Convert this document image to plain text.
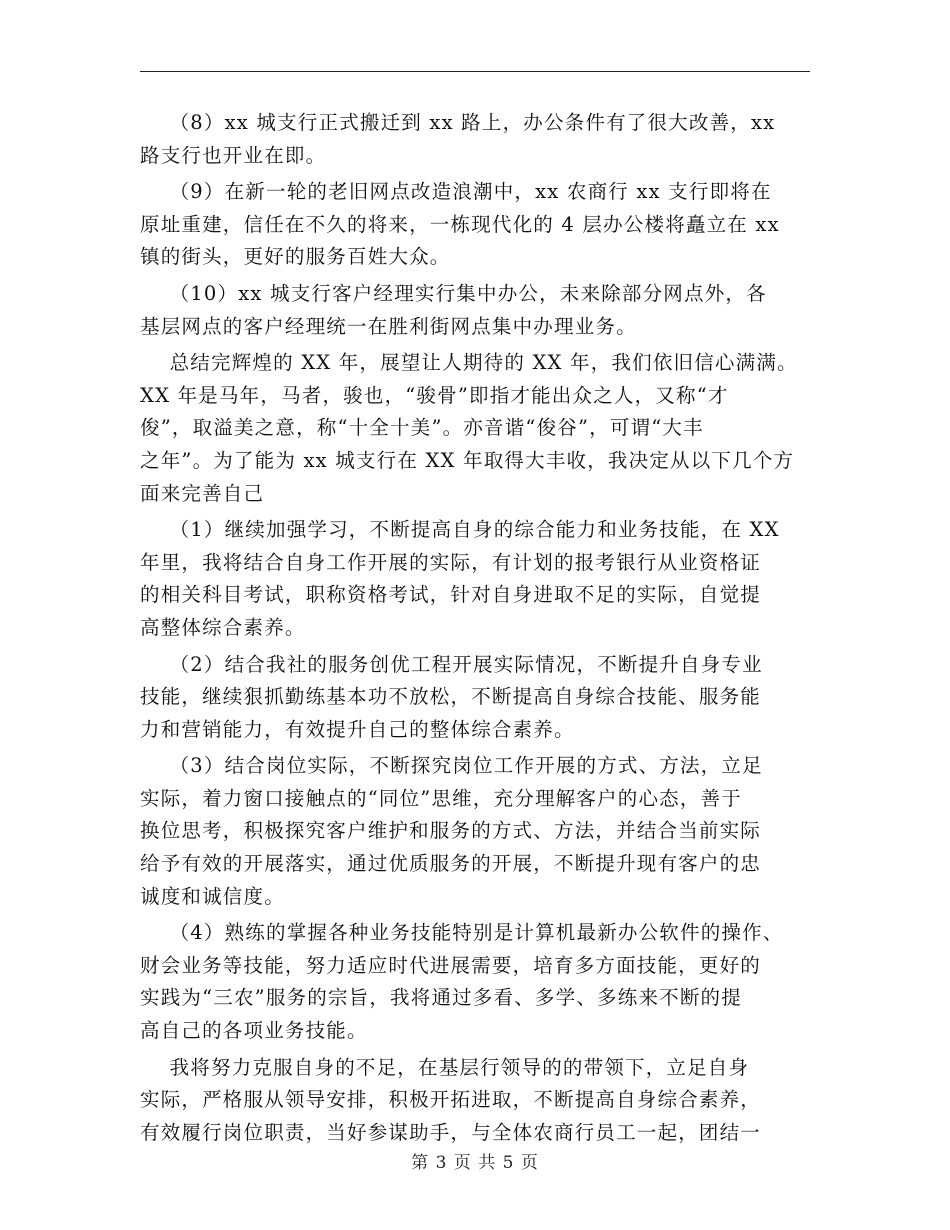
（8）xx 城支行正式搬迁到 xx 路上，办公条件有了很大改善，xx
路支行也开业在即。
（9）在新一轮的老旧网点改造浪潮中，xx 农商行 xx 支行即将在
原址重建，信任在不久的将来，一栋现代化的 4 层办公楼将矗立在 xx
镇的街头，更好的服务百姓大众。
（10）xx 城支行客户经理实行集中办公，未来除部分网点外，各
基层网点的客户经理统一在胜利街网点集中办理业务。
总结完辉煌的 XX 年，展望让人期待的 XX 年，我们依旧信心满满。
XX 年是马年，马者，骏也，“骏骨”即指才能出众之人，又称“才
俊”，取溢美之意，称“十全十美”。亦音谐“俊谷”，可谓“大丰
之年”。为了能为 xx 城支行在 XX 年取得大丰收，我决定从以下几个方
面来完善自己
（1）继续加强学习，不断提高自身的综合能力和业务技能，在 XX
年里，我将结合自身工作开展的实际，有计划的报考银行从业资格证
的相关科目考试，职称资格考试，针对自身进取不足的实际，自觉提
高整体综合素养。
（2）结合我社的服务创优工程开展实际情况，不断提升自身专业
技能，继续狠抓勤练基本功不放松，不断提高自身综合技能、服务能
力和营销能力，有效提升自己的整体综合素养。
（3）结合岗位实际，不断探究岗位工作开展的方式、方法，立足
实际，着力窗口接触点的“同位”思维，充分理解客户的心态，善于
换位思考，积极探究客户维护和服务的方式、方法，并结合当前实际
给予有效的开展落实，通过优质服务的开展，不断提升现有客户的忠
诚度和诚信度。
（4）熟练的掌握各种业务技能特别是计算机最新办公软件的操作、
财会业务等技能，努力适应时代进展需要，培育多方面技能，更好的
实践为“三农”服务的宗旨，我将通过多看、多学、多练来不断的提
高自己的各项业务技能。
我将努力克服自身的不足，在基层行领导的的带领下，立足自身
实际，严格服从领导安排，积极开拓进取，不断提高自身综合素养，
有效履行岗位职责，当好参谋助手，与全体农商行员工一起，团结一
第 3 页 共 5 页
